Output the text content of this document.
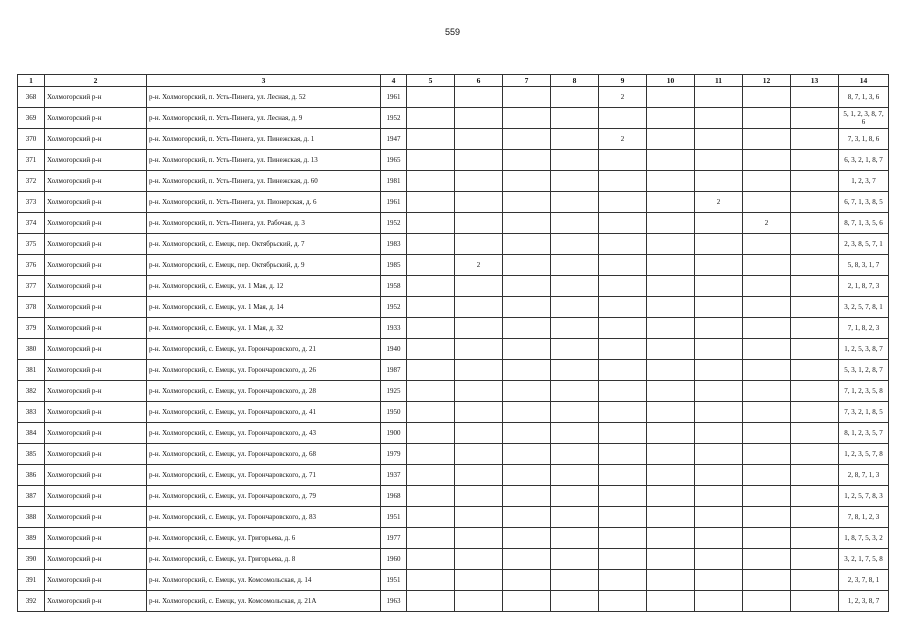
559
1	2	3	4	5	6	7	8	9	10	11	12	13	14
368	Холмогорский р-н	р-н. Холмогорский, п. Усть-Пинега, ул. Лесная, д. 52	1961					2					8, 7, 1, 3, 6
369	Холмогорский р-н	р-н. Холмогорский, п. Усть-Пинега, ул. Лесная, д. 9	1952										5, 1, 2, 3, 8, 7, 6
370	Холмогорский р-н	р-н. Холмогорский, п. Усть-Пинега, ул. Пинежская, д. 1	1947					2					7, 3, 1, 8, 6
371	Холмогорский р-н	р-н. Холмогорский, п. Усть-Пинега, ул. Пинежская, д. 13	1965										6, 3, 2, 1, 8, 7
372	Холмогорский р-н	р-н. Холмогорский, п. Усть-Пинега, ул. Пинежская, д. 60	1981										1, 2, 3, 7
373	Холмогорский р-н	р-н. Холмогорский, п. Усть-Пинега, ул. Пионерская, д. 6	1961							2			6, 7, 1, 3, 8, 5
374	Холмогорский р-н	р-н. Холмогорский, п. Усть-Пинега, ул. Рабочая, д. 3	1952								2		8, 7, 1, 3, 5, 6
375	Холмогорский р-н	р-н. Холмогорский, с. Емецк, пер. Октябрьский, д. 7	1983										2, 3, 8, 5, 7, 1
376	Холмогорский р-н	р-н. Холмогорский, с. Емецк, пер. Октябрьский, д. 9	1985		2								5, 8, 3, 1, 7
377	Холмогорский р-н	р-н. Холмогорский, с. Емецк, ул. 1 Мая, д. 12	1958										2, 1, 8, 7, 3
378	Холмогорский р-н	р-н. Холмогорский, с. Емецк, ул. 1 Мая, д. 14	1952										3, 2, 5, 7, 8, 1
379	Холмогорский р-н	р-н. Холмогорский, с. Емецк, ул. 1 Мая, д. 32	1933										7, 1, 8, 2, 3
380	Холмогорский р-н	р-н. Холмогорский, с. Емецк, ул. Горончаровского, д. 21	1940										1, 2, 5, 3, 8, 7
381	Холмогорский р-н	р-н. Холмогорский, с. Емецк, ул. Горончаровского, д. 26	1987										5, 3, 1, 2, 8, 7
382	Холмогорский р-н	р-н. Холмогорский, с. Емецк, ул. Горончаровского, д. 28	1925										7, 1, 2, 3, 5, 8
383	Холмогорский р-н	р-н. Холмогорский, с. Емецк, ул. Горончаровского, д. 41	1950										7, 3, 2, 1, 8, 5
384	Холмогорский р-н	р-н. Холмогорский, с. Емецк, ул. Горончаровского, д. 43	1900										8, 1, 2, 3, 5, 7
385	Холмогорский р-н	р-н. Холмогорский, с. Емецк, ул. Горончаровского, д. 68	1979										1, 2, 3, 5, 7, 8
386	Холмогорский р-н	р-н. Холмогорский, с. Емецк, ул. Горончаровского, д. 71	1937										2, 8, 7, 1, 3
387	Холмогорский р-н	р-н. Холмогорский, с. Емецк, ул. Горончаровского, д. 79	1968										1, 2, 5, 7, 8, 3
388	Холмогорский р-н	р-н. Холмогорский, с. Емецк, ул. Горончаровского, д. 83	1951										7, 8, 1, 2, 3
389	Холмогорский р-н	р-н. Холмогорский, с. Емецк, ул. Григорьева, д. 6	1977										1, 8, 7, 5, 3, 2
390	Холмогорский р-н	р-н. Холмогорский, с. Емецк, ул. Григорьева, д. 8	1960										3, 2, 1, 7, 5, 8
391	Холмогорский р-н	р-н. Холмогорский, с. Емецк, ул. Комсомольская, д. 14	1951										2, 3, 7, 8, 1
392	Холмогорский р-н	р-н. Холмогорский, с. Емецк, ул. Комсомольская, д. 21А	1963										1, 2, 3, 8, 7
